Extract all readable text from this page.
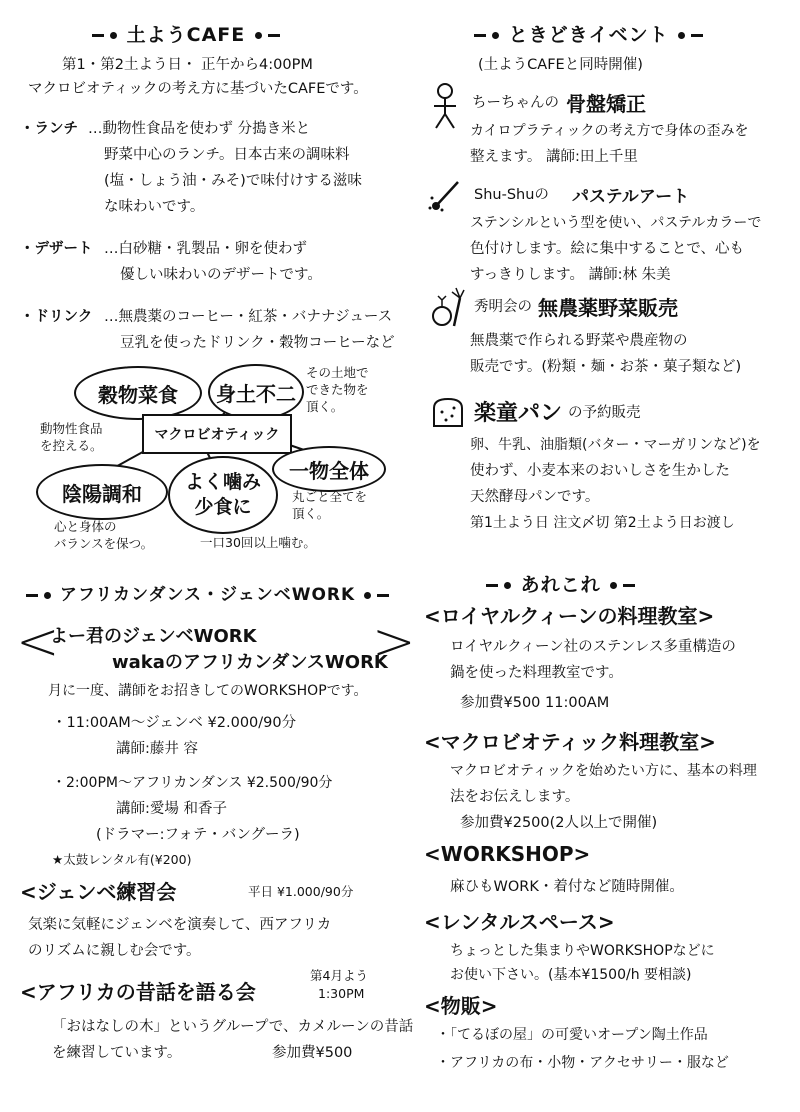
土ようCAFE
第1・第2土よう日・ 正午から4:00PM
マクロビオティックの考え方に基づいたCAFEです。
・ランチ …動物性食品を使わず 分搗き米と
野菜中心のランチ。日本古来の調味料
(塩・しょう油・みそ)で味付けする滋味
な味わいです。
・デザート …白砂糖・乳製品・卵を使わず
優しい味わいのデザートです。
・ドリンク …無農薬のコーヒー・紅茶・バナナジュース
豆乳を使ったドリンク・穀物コーヒーなど
穀物菜食	身土不二
マクロビオティック
陰陽調和	よく噛み
少食に
一物全体
動物性食品
を控える。
その土地で
できた物を
頂く。
心と身体の
バランスを保つ。	一口30回以上噛む。
丸ごと全てを
頂く。
アフリカンダンス・ジェンベWORK
<	>
よー君のジェンベWORK
wakaのアフリカンダンスWORK
月に一度、講師をお招きしてのWORKSHOPです。
・11:00AM〜ジェンベ ¥2.000/90分
講師:藤井 容
・2:00PM〜アフリカンダンス ¥2.500/90分
講師:愛場 和香子
(ドラマー:フォテ・バングーラ)
★太鼓レンタル有(¥200)
<ジェンベ練習会	平日 ¥1.000/90分
気楽に気軽にジェンベを演奏して、西アフリカ
のリズムに親しむ会です。
<アフリカの昔話を語る会
第4月よう
1:30PM
「おはなしの木」というグループで、カメルーンの昔話
を練習しています。	参加費¥500
ときどきイベント
(土ようCAFEと同時開催)
ちーちゃんの 骨盤矯正
カイロプラティックの考え方で身体の歪みを
整えます。 講師:田上千里
Shu-Shuの パステルアート
ステンシルという型を使い、パステルカラーで
色付けします。絵に集中することで、心も
すっきりします。 講師:林 朱美
秀明会の 無農薬野菜販売
無農薬で作られる野菜や農産物の
販売です。(粉類・麺・お茶・菓子類など)
楽童パン の予約販売
卵、牛乳、油脂類(バター・マーガリンなど)を
使わず、小麦本来のおいしさを生かした
天然酵母パンです。
第1土よう日 注文〆切 第2土よう日お渡し
あれこれ
<ロイヤルクィーンの料理教室>
ロイヤルクィーン社のステンレス多重構造の
鍋を使った料理教室です。
参加費¥500 11:00AM
<マクロビオティック料理教室>
マクロビオティックを始めたい方に、基本の料理
法をお伝えします。
参加費¥2500(2人以上で開催)
<WORKSHOP>
麻ひもWORK・着付など随時開催。
<レンタルスペース>
ちょっとした集まりやWORKSHOPなどに
お使い下さい。(基本¥1500/h 要相談)
<物販>
・「てるぼの屋」の可愛いオープン陶土作品
・アフリカの布・小物・アクセサリー・服など
